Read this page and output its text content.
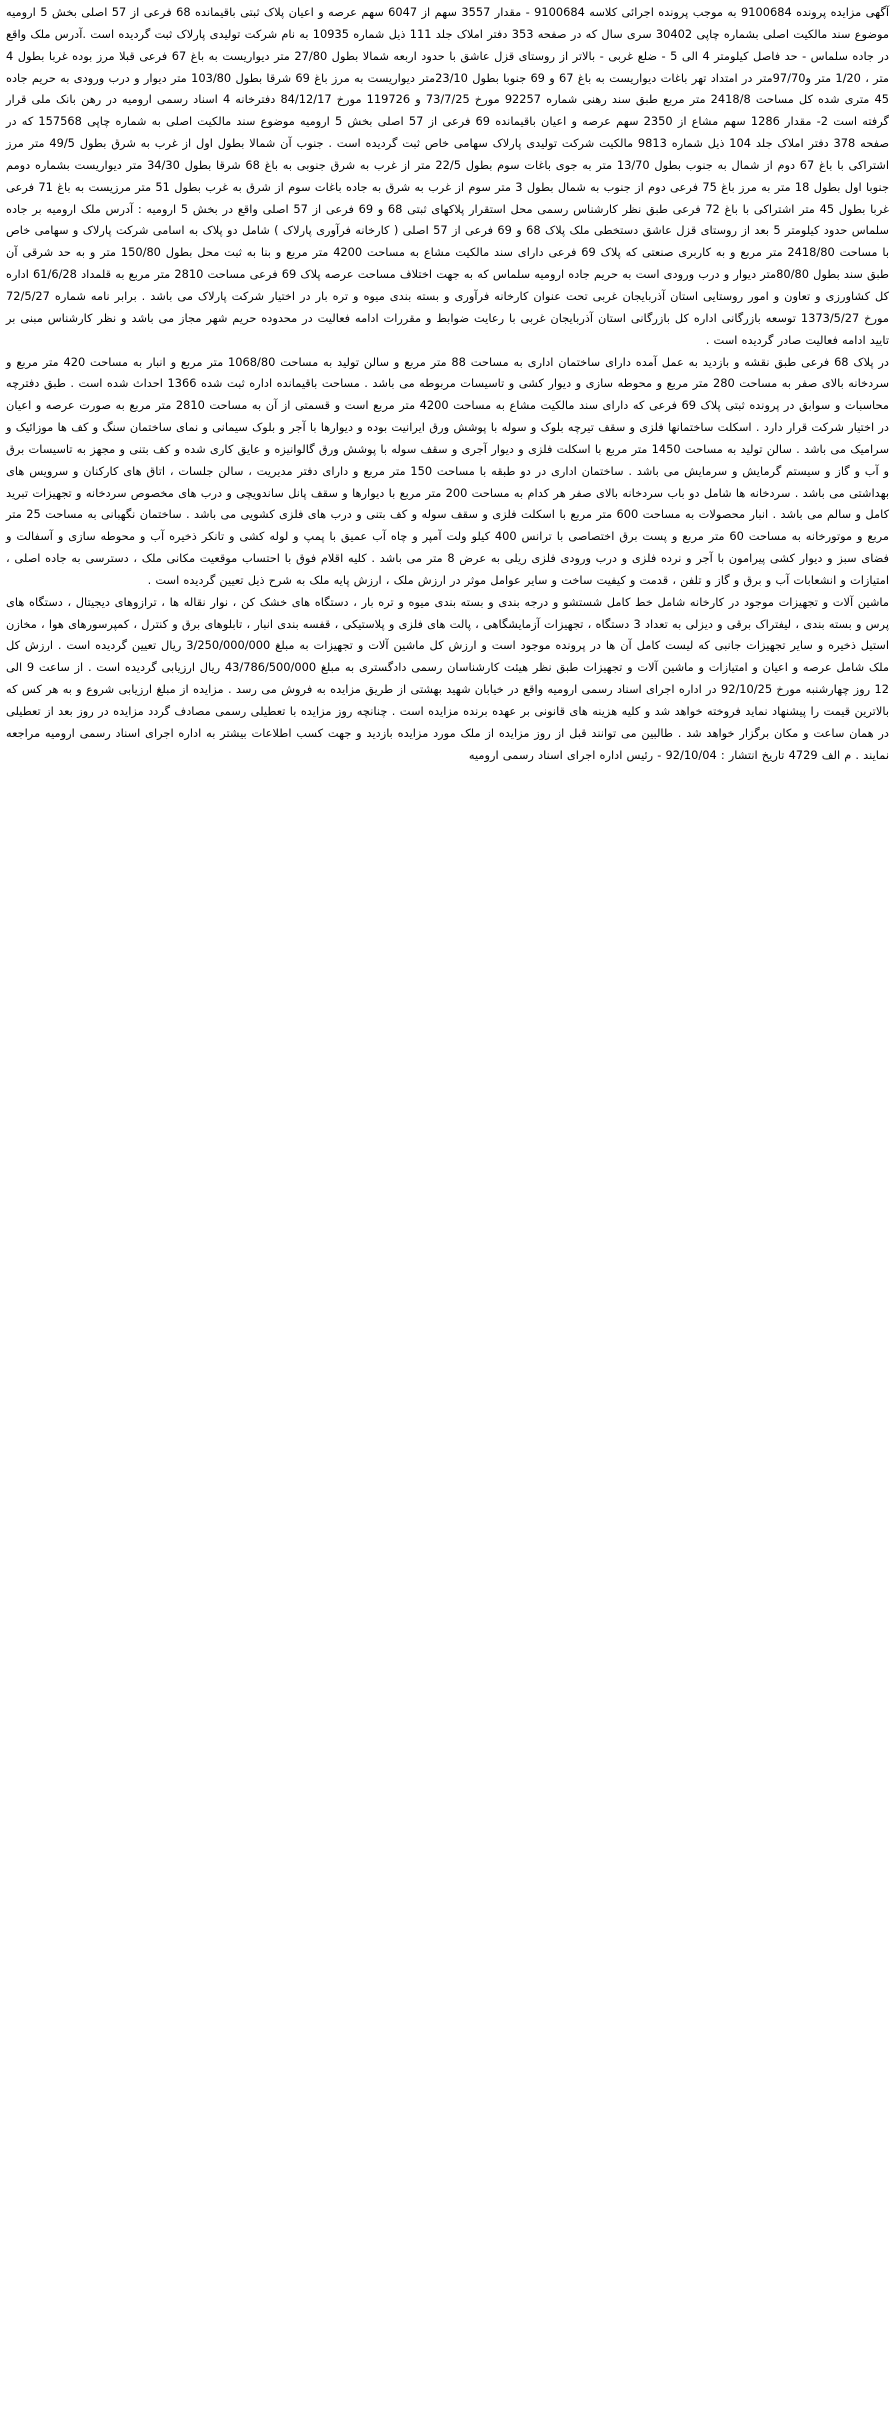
آگهی مزایده پرونده 9100684 به موجب پرونده اجرائی کلاسه 9100684 - مقدار 3557 سهم از 6047 سهم عرصه و اعیان پلاک ثبتی باقیمانده 68 فرعی از 57 اصلی بخش 5 ارومیه موضوع سند مالکیت اصلی بشماره چاپی 30402 سری سال که در صفحه 353 دفتر املاک جلد 111 ذیل شماره 10935 به نام شرکت تولیدی پارلاک ثبت گردیده است .آدرس ملک واقع در جاده سلماس - حد فاصل کیلومتر 4 الی 5 - ضلع غربی - بالاتر از روستای قزل عاشق با حدود اربعه شمالا بطول 27/80 متر دیواریست به باغ 67 فرعی قبلا مرز بوده غربا بطول 4 متر ، 1/20 متر و97/70متر در امتداد تهر باغات دیواریست به باغ 67 و 69 جنوبا بطول 23/10متر دیواریست به مرز باغ 69 شرقا بطول 103/80 متر دیوار و درب ورودی به حریم جاده 45 متری شده کل مساحت 2418/8 متر مربع طبق سند رهنی شماره 92257 مورخ 73/7/25 و 119726 مورخ 84/12/17 دفترخانه 4 اسناد رسمی ارومیه در رهن بانک ملی قرار گرفته است 2- مقدار 1286 سهم مشاع از 2350 سهم عرصه و اعیان باقیمانده 69 فرعی از 57 اصلی بخش 5 ارومیه موضوع سند مالکیت اصلی به شماره چاپی 157568 که در صفحه 378 دفتر املاک جلد 104 ذیل شماره 9813 مالکیت شرکت تولیدی پارلاک سهامی خاص ثبت گردیده است . جنوب آن شمالا بطول اول از غرب به شرق بطول 49/5 متر مرز اشتراکی با باغ 67 دوم از شمال به جنوب بطول 13/70 متر به جوی باغات سوم بطول 22/5 متر از غرب به شرق جنوبی به باغ 68 شرقا بطول 34/30 متر دیواریست بشماره دومم جنوبا اول بطول 18 متر به مرز باغ 75 فرعی دوم از جنوب به شمال بطول 3 متر سوم از غرب به شرق به جاده باغات سوم از شرق به غرب بطول 51 متر مرزیست به باغ 71 فرعی غربا بطول 45 متر اشتراکی با باغ 72 فرعی طبق نظر کارشناس رسمی محل استقرار پلاکهای ثبتی 68 و 69 فرعی از 57 اصلی واقع در بخش 5 ارومیه : آدرس ملک ارومیه بر جاده سلماس حدود کیلومتر 5 بعد از روستای قزل عاشق دستخطی ملک پلاک 68 و 69 فرعی از 57 اصلی ( کارخانه فرآوری پارلاک ) شامل دو پلاک به اسامی شرکت پارلاک و سهامی خاص با مساحت 2418/80 متر مربع و به کاربری صنعتی که پلاک 69 فرعی دارای سند مالکیت مشاع به مساحت 4200 متر مربع و بنا به ثبت محل بطول 150/80 متر و به حد شرقی آن طبق سند بطول 80/80متر دیوار و درب ورودی است به حریم جاده ارومیه سلماس که به جهت اختلاف مساحت عرصه پلاک 69 فرعی مساحت 2810 متر مربع به قلمداد 61/6/28 اداره کل کشاورزی و تعاون و امور روستایی استان آذربایجان غربی تحت عنوان کارخانه فرآوری و بسته بندی میوه و تره بار در اختیار شرکت پارلاک می باشد . برابر نامه شماره 72/5/27 مورخ 1373/5/27 توسعه بازرگانی اداره کل بازرگانی استان آذربایجان غربی با رعایت ضوابط و مقررات ادامه فعالیت در محدوده حریم شهر مجاز می باشد و نظر کارشناس مبنی بر تایید ادامه فعالیت صادر گردیده است .

در پلاک 68 فرعی طبق نقشه و بازدید به عمل آمده دارای ساختمان اداری به مساحت 88 متر مربع و سالن تولید به مساحت 1068/80 متر مربع و انبار به مساحت 420 متر مربع و سردخانه بالای صفر به مساحت 280 متر مربع و محوطه سازی و دیوار کشی و تاسیسات مربوطه می باشد . مساحت باقیمانده اداره ثبت شده 1366 احداث شده است . طبق دفترچه محاسبات و سوابق در پرونده ثبتی پلاک 69 فرعی که دارای سند مالکیت مشاع به مساحت 4200 متر مربع است و قسمتی از آن به مساحت 2810 متر مربع به صورت عرصه و اعیان در اختیار شرکت قرار دارد . اسکلت ساختمانها فلزی و سقف تیرچه بلوک و سوله با پوشش ورق ایرانیت بوده و دیوارها با آجر و بلوک سیمانی و نمای ساختمان سنگ و کف ها موزائیک و سرامیک می باشد . سالن تولید به مساحت 1450 متر مربع با اسکلت فلزی و دیوار آجری و سقف سوله با پوشش ورق گالوانیزه و عایق کاری شده و کف بتنی و مجهز به تاسیسات برق و آب و گاز و سیستم گرمایش و سرمایش می باشد . ساختمان اداری در دو طبقه با مساحت 150 متر مربع و دارای دفتر مدیریت ، سالن جلسات ، اتاق های کارکنان و سرویس های بهداشتی می باشد . سردخانه ها شامل دو باب سردخانه بالای صفر هر کدام به مساحت 200 متر مربع با دیوارها و سقف پانل ساندویچی و درب های مخصوص سردخانه و تجهیزات تبرید کامل و سالم می باشد . انبار محصولات به مساحت 600 متر مربع با اسکلت فلزی و سقف سوله و کف بتنی و درب های فلزی کشویی می باشد . ساختمان نگهبانی به مساحت 25 متر مربع و موتورخانه به مساحت 60 متر مربع و پست برق اختصاصی با ترانس 400 کیلو ولت آمپر و چاه آب عمیق با پمپ و لوله کشی و تانکر ذخیره آب و محوطه سازی و آسفالت و فضای سبز و دیوار کشی پیرامون با آجر و نرده فلزی و درب ورودی فلزی ریلی به عرض 8 متر می باشد . کلیه اقلام فوق با احتساب موقعیت مکانی ملک ، دسترسی به جاده اصلی ، امتیازات و انشعابات آب و برق و گاز و تلفن ، قدمت و کیفیت ساخت و سایر عوامل موثر در ارزش ملک ، ارزش پایه ملک به شرح ذیل تعیین گردیده است .

ماشین آلات و تجهیزات موجود در کارخانه شامل خط کامل شستشو و درجه بندی و بسته بندی میوه و تره بار ، دستگاه های خشک کن ، نوار نقاله ها ، ترازوهای دیجیتال ، دستگاه های پرس و بسته بندی ، لیفتراک برقی و دیزلی به تعداد 3 دستگاه ، تجهیزات آزمایشگاهی ، پالت های فلزی و پلاستیکی ، قفسه بندی انبار ، تابلوهای برق و کنترل ، کمپرسورهای هوا ، مخازن استیل ذخیره و سایر تجهیزات جانبی که لیست کامل آن ها در پرونده موجود است و ارزش کل ماشین آلات و تجهیزات به مبلغ 3/250/000/000 ریال تعیین گردیده است . ارزش کل ملک شامل عرصه و اعیان و امتیازات و ماشین آلات و تجهیزات طبق نظر هیئت کارشناسان رسمی دادگستری به مبلغ 43/786/500/000 ریال ارزیابی گردیده است . از ساعت 9 الی 12 روز چهارشنبه مورخ 92/10/25 در اداره اجرای اسناد رسمی ارومیه واقع در خیابان شهید بهشتی از طریق مزایده به فروش می رسد . مزایده از مبلغ ارزیابی شروع و به هر کس که بالاترین قیمت را پیشنهاد نماید فروخته خواهد شد و کلیه هزینه های قانونی بر عهده برنده مزایده است . چنانچه روز مزایده با تعطیلی رسمی مصادف گردد مزایده در روز بعد از تعطیلی در همان ساعت و مکان برگزار خواهد شد . طالبین می توانند قبل از روز مزایده از ملک مورد مزایده بازدید و جهت کسب اطلاعات بیشتر به اداره اجرای اسناد رسمی ارومیه مراجعه نمایند . م الف 4729 تاریخ انتشار : 92/10/04 - رئیس اداره اجرای اسناد رسمی ارومیه
